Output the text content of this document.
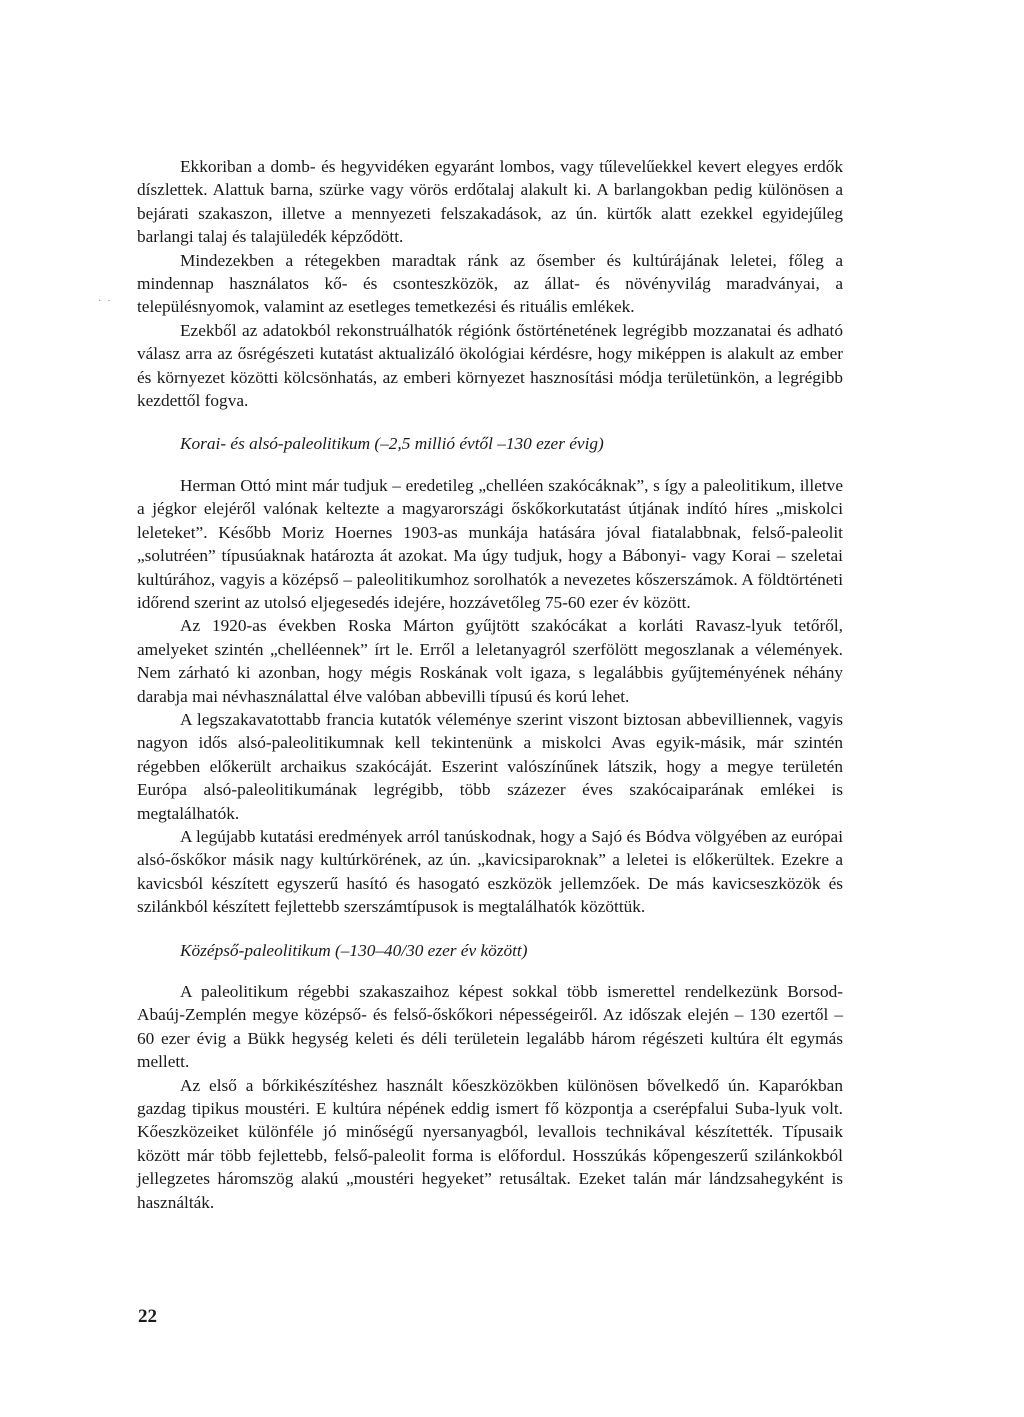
··

Ekkoriban a domb- és hegyvidéken egyaránt lombos, vagy tűlevelűekkel kevert elegyes erdők díszlettek. Alattuk barna, szürke vagy vörös erdőtalaj alakult ki. A barlangokban pedig különösen a bejárati szakaszon, illetve a mennyezeti felszakadások, az ún. kürtők alatt ezekkel egyidejűleg barlangi talaj és talajüledék képződött.

Mindezekben a rétegekben maradtak ránk az ősember és kultúrájának leletei, főleg a mindennap használatos kő- és csonteszközök, az állat- és növényvilág maradványai, a településnyomok, valamint az esetleges temetkezési és rituális emlékek.

Ezekből az adatokból rekonstruálhatók régiónk őstörténetének legrégibb mozzanatai és adható válasz arra az ősrégészeti kutatást aktualizáló ökológiai kérdésre, hogy miképpen is alakult az ember és környezet közötti kölcsönhatás, az emberi környezet hasznosítási módja területünkön, a legrégibb kezdettől fogva.

Korai- és alsó-paleolitikum (–2,5 millió évtől –130 ezer évig)

Herman Ottó mint már tudjuk – eredetileg „chelléen szakócáknak”, s így a paleolitikum, illetve a jégkor elejéről valónak keltezte a magyarországi őskőkorkutatást útjának indító híres „miskolci leleteket”. Később Moriz Hoernes 1903-as munkája hatására jóval fiatalabbnak, felső-paleolit „solutréen” típusúaknak határozta át azokat. Ma úgy tudjuk, hogy a Bábonyi- vagy Korai – szeletai kultúrához, vagyis a középső – paleolitikumhoz sorolhatók a nevezetes kőszerszámok. A földtörténeti időrend szerint az utolsó eljegesedés idejére, hozzávetőleg 75-60 ezer év között.

Az 1920-as években Roska Márton gyűjtött szakócákat a korláti Ravasz-lyuk tetőről, amelyeket szintén „chelléennek” írt le. Erről a leletanyagról szerfölött megoszlanak a vélemények. Nem zárható ki azonban, hogy mégis Roskának volt igaza, s legalábbis gyűjteményének néhány darabja mai névhasználattal élve valóban abbevilli típusú és korú lehet.

A legszakavatottabb francia kutatók véleménye szerint viszont biztosan abbevilliennek, vagyis nagyon idős alsó-paleolitikumnak kell tekintenünk a miskolci Avas egyik-másik, már szintén régebben előkerült archaikus szakócáját. Eszerint valószínűnek látszik, hogy a megye területén Európa alsó-paleolitikumának legrégibb, több százezer éves szakócaiparának emlékei is megtalálhatók.

A legújabb kutatási eredmények arról tanúskodnak, hogy a Sajó és Bódva völgyében az európai alsó-őskőkor másik nagy kultúrkörének, az ún. „kavicsiparoknak” a leletei is előkerültek. Ezekre a kavicsból készített egyszerű hasító és hasogató eszközök jellemzőek. De más kavicseszközök és szilánkból készített fejlettebb szerszámtípusok is megtalálhatók közöttük.

Középső-paleolitikum (–130–40/30 ezer év között)

A paleolitikum régebbi szakaszaihoz képest sokkal több ismerettel rendelkezünk Borsod-Abaúj-Zemplén megye középső- és felső-őskőkori népességeiről. Az időszak elején – 130 ezertől – 60 ezer évig a Bükk hegység keleti és déli területein legalább három régészeti kultúra élt egymás mellett.

Az első a bőrkikészítéshez használt kőeszközökben különösen bővelkedő ún. Kaparókban gazdag tipikus moustéri. E kultúra népének eddig ismert fő központja a cserépfalui Suba-lyuk volt. Kőeszközeiket különféle jó minőségű nyersanyagból, levallois technikával készítették. Típusaik között már több fejlettebb, felső-paleolit forma is előfordul. Hosszúkás kőpengeszerű szilánkokból jellegzetes háromszög alakú „moustéri hegyeket” retusáltak. Ezeket talán már lándzsahegyként is használták.

22
